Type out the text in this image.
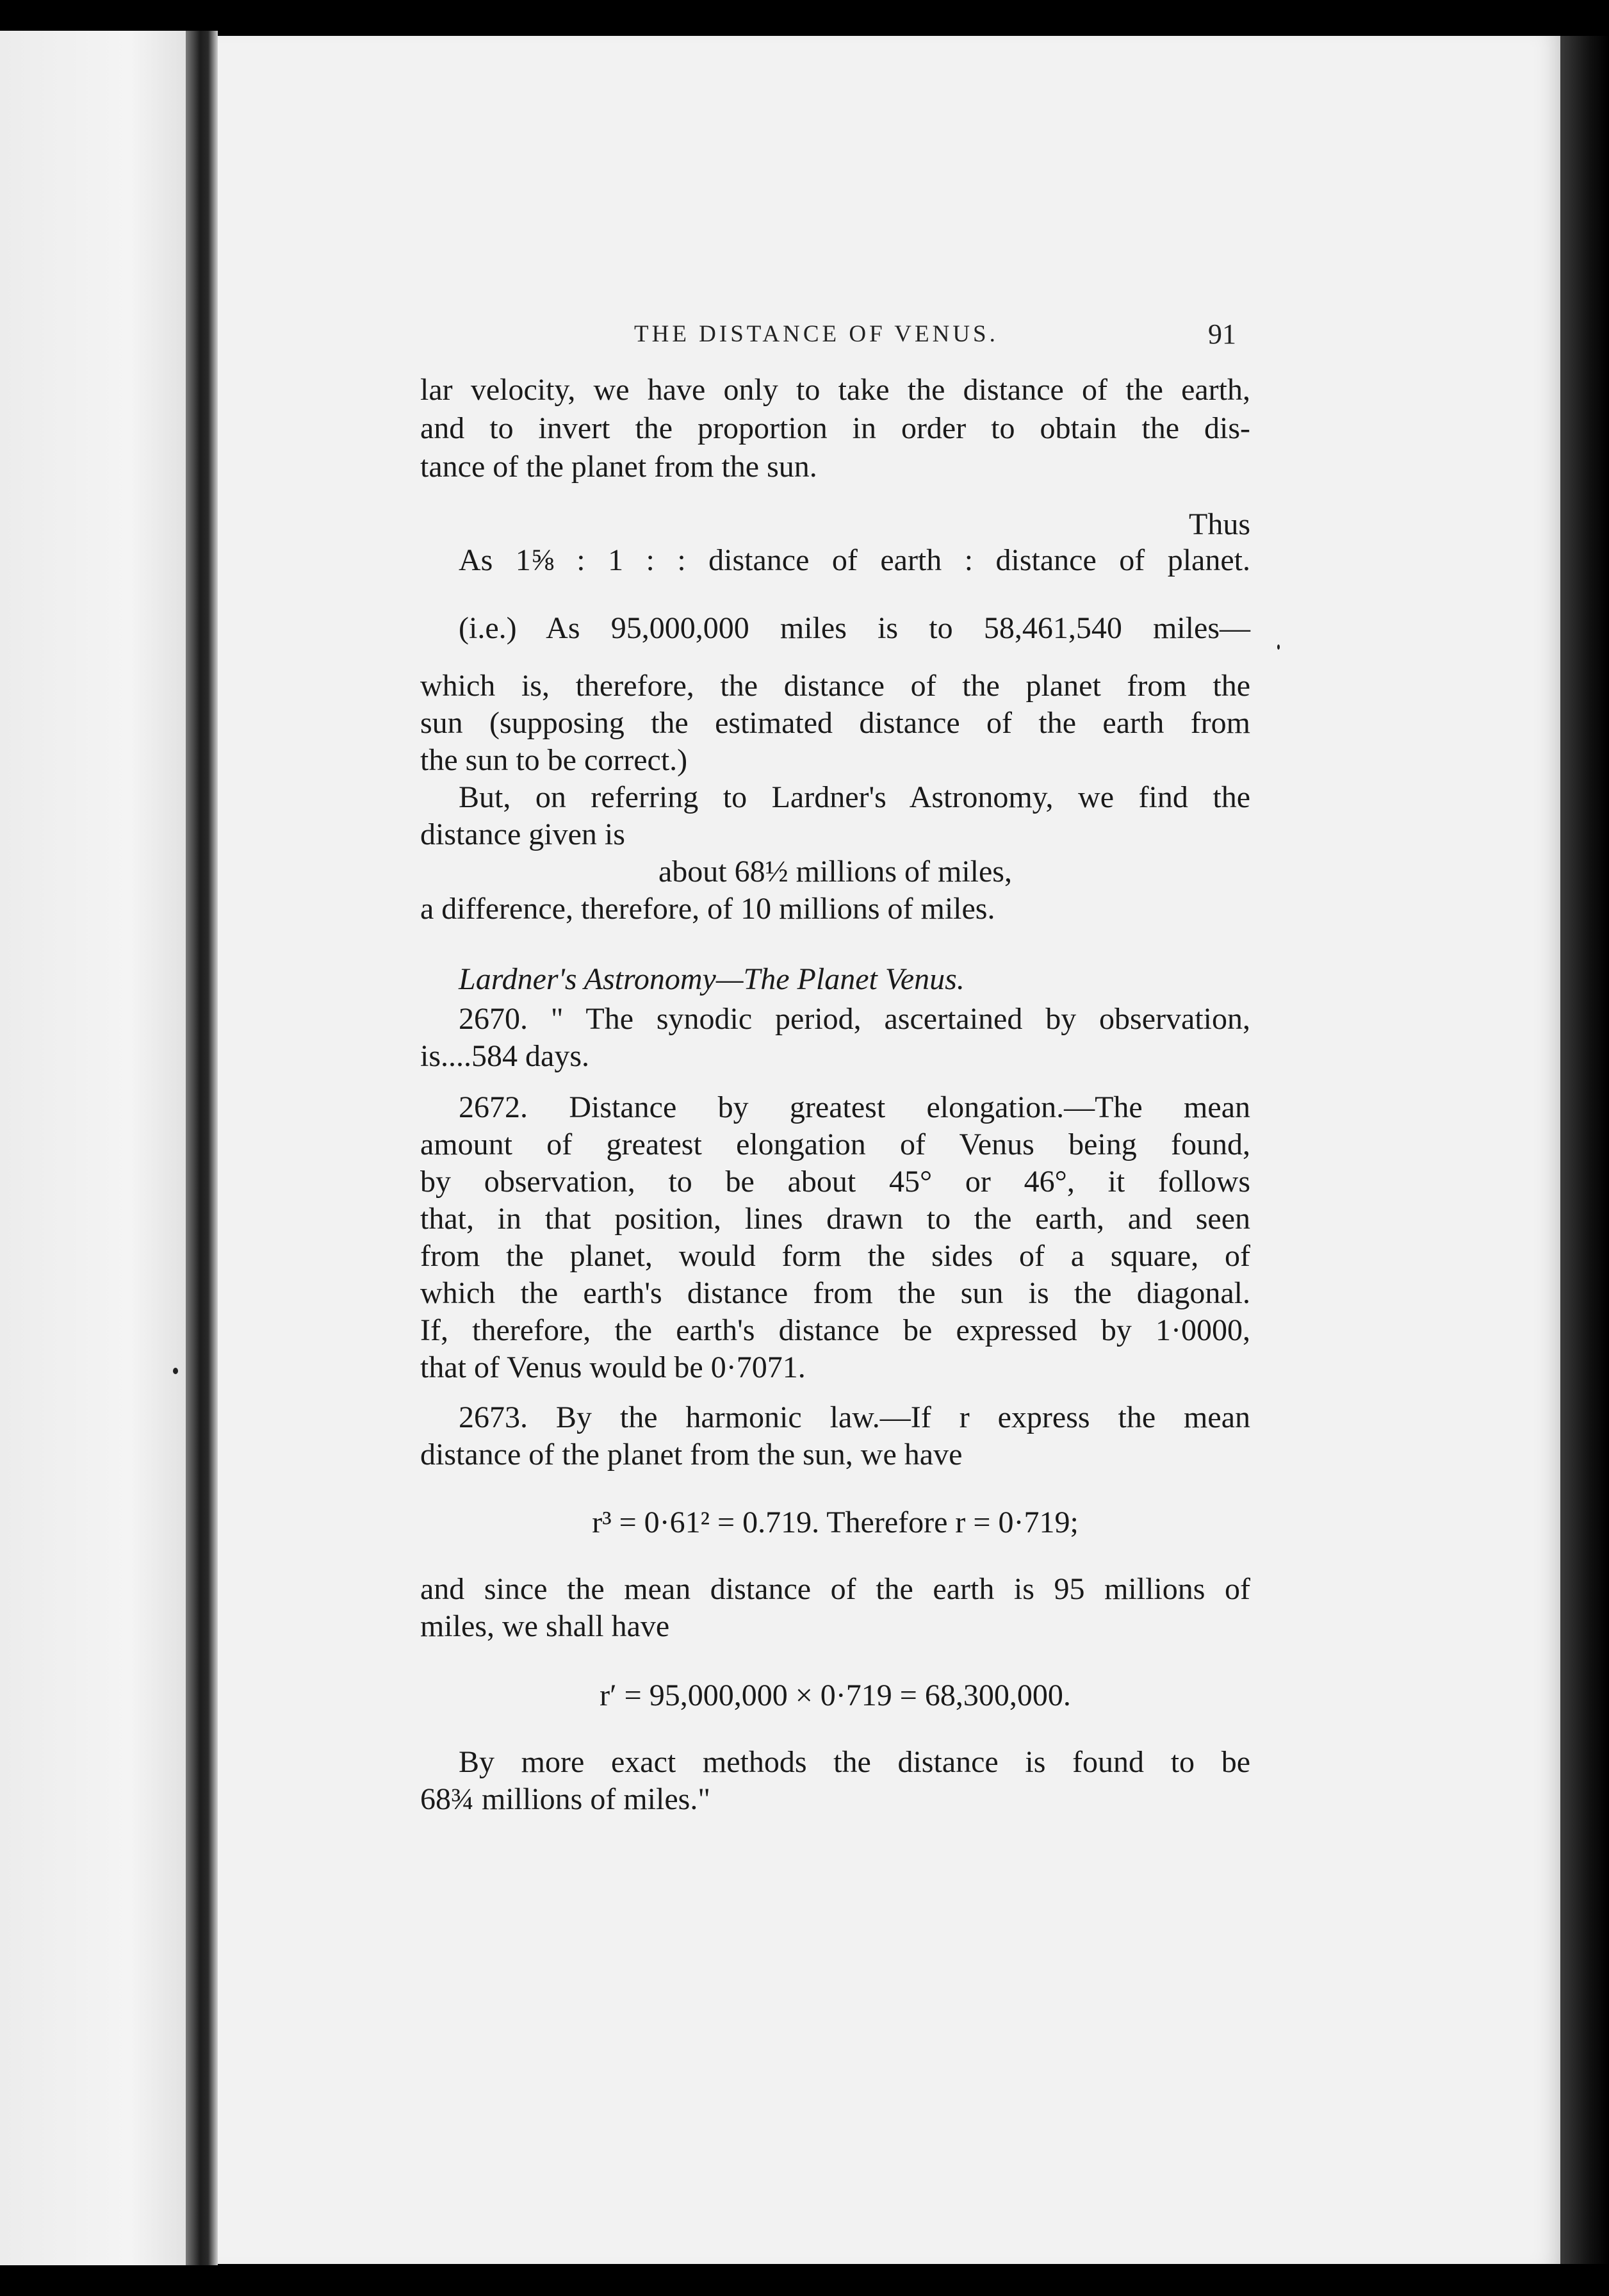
THE DISTANCE OF VENUS.	91
lar velocity, we have only to take the distance of the earth,
and to invert the proportion in order to obtain the dis-
tance of the planet from the sun.
Thus
As 1⅝ : 1 : : distance of earth : distance of planet.
(i.e.) As 95,000,000 miles is to 58,461,540 miles—
which is, therefore, the distance of the planet from the
sun (supposing the estimated distance of the earth from
the sun to be correct.)
But, on referring to Lardner's Astronomy, we find the
distance given is
about 68½ millions of miles,
a difference, therefore, of 10 millions of miles.
Lardner's Astronomy—The Planet Venus.
2670. " The synodic period, ascertained by observation,
is....584 days.
2672. Distance by greatest elongation.—The mean
amount of greatest elongation of Venus being found,
by observation, to be about 45° or 46°, it follows
that, in that position, lines drawn to the earth, and seen
from the planet, would form the sides of a square, of
which the earth's distance from the sun is the diagonal.
If, therefore, the earth's distance be expressed by 1·0000,
that of Venus would be 0·7071.
2673. By the harmonic law.—If r express the mean
distance of the planet from the sun, we have
r³ = 0·61² = 0.719. Therefore r = 0·719;
and since the mean distance of the earth is 95 millions of
miles, we shall have
r′ = 95,000,000 × 0·719 = 68,300,000.
By more exact methods the distance is found to be
68¾ millions of miles."
